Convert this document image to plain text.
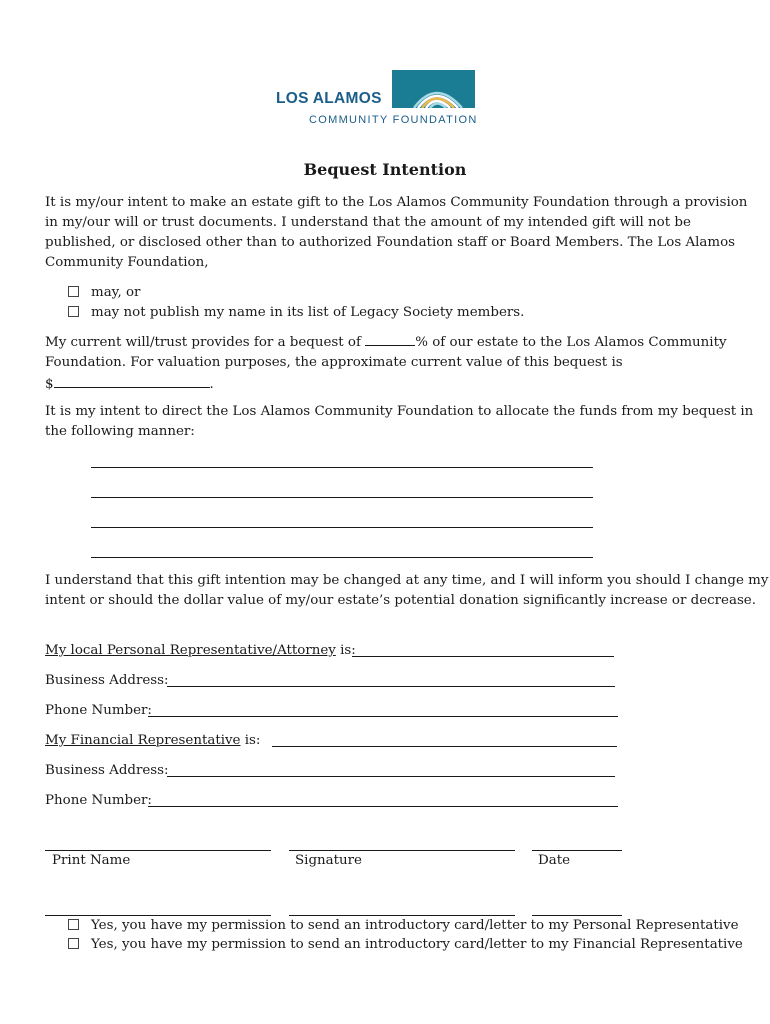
LOS ALAMOS
COMMUNITY FOUNDATION
Bequest Intention

It is my/our intent to make an estate gift to the Los Alamos Community Foundation through a provision

in my/our will or trust documents. I understand that the amount of my intended gift will not be

published, or disclosed other than to authorized Foundation staff or Board Members. The Los Alamos

Community Foundation,

may, or
may not publish my name in its list of Legacy Society members.
My current will/trust provides for a bequest of	% of our estate to the Los Alamos Community
Foundation. For valuation purposes, the approximate current value of this bequest is
$	.

It is my intent to direct the Los Alamos Community Foundation to allocate the funds from my bequest in

the following manner:

I understand that this gift intention may be changed at any time, and I will inform you should I change my

intent or should the dollar value of my/our estate’s potential donation significantly increase or decrease.

My local Personal Representative/Attorney is:
Business Address:
Phone Number:
My Financial Representative is:
Business Address:
Phone Number:
Print Name	Signature	Date
Yes, you have my permission to send an introductory card/letter to my Personal Representative
Yes, you have my permission to send an introductory card/letter to my Financial Representative
